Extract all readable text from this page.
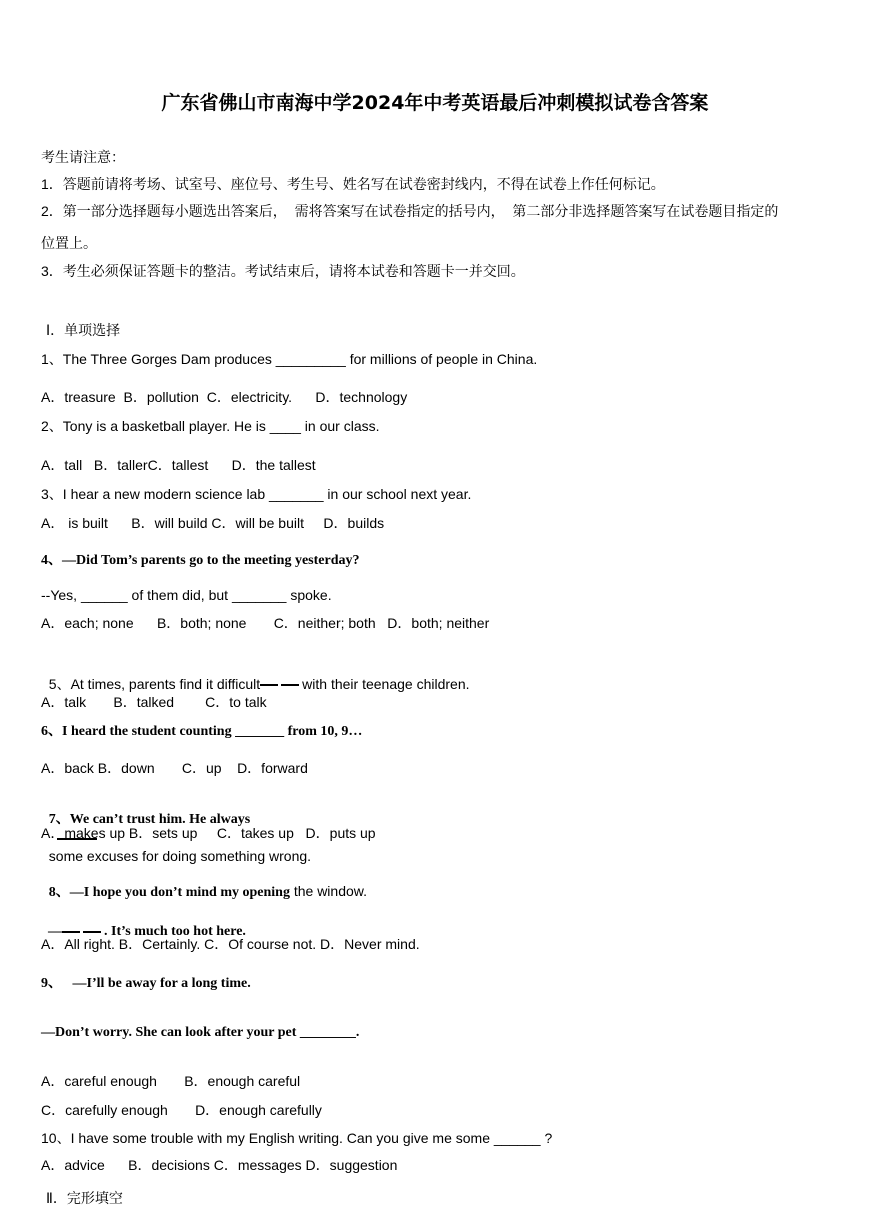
广东省佛山市南海中学2024年中考英语最后冲刺模拟试卷含答案
考生请注意：
1．答题前请将考场、试室号、座位号、考生号、姓名写在试卷密封线内，不得在试卷上作任何标记。
2．第一部分选择题每小题选出答案后，  需将答案写在试卷指定的括号内，  第二部分非选择题答案写在试卷题目指定的
位置上。
3．考生必须保证答题卡的整洁。考试结束后，请将本试卷和答题卡一并交回。
Ⅰ．单项选择
1、The Three Gorges Dam produces _________ for millions of people in China.
A．treasure  B．pollution  C．electricity.      D．technology
2、Tony is a basketball player. He is ____ in our class.
A．tall   B．tallerC．tallest      D．the tallest
3、I hear a new modern science lab _______ in our school next year.
A． is built      B．will build C．will be built     D．builds
4、—Did Tom’s parents go to the meeting yesterday?
--Yes, ______ of them did, but _______ spoke.
A．each; none      B．both; none       C．neither; both   D．both; neither

5、At times, parents find it difficult	with their teenage children.

A．talk       B．talked        C．to talk
6、I heard the student counting _______ from 10, 9…
A．back B．down       C．up    D．forward

7、We can’t trust him. He always

some excuses for doing something wrong.

A．makes up B．sets up     C．takes up   D．puts up

8、—I hope you don’t mind my opening the window.

—	. It’s much too hot here.

A．All right. B．Certainly. C．Of course not. D．Never mind.
9、   —I’ll be away for a long time.
—Don’t worry. She can look after your pet ________.
A．careful enough       B．enough careful
C．carefully enough       D．enough carefully
10、I have some trouble with my English writing. Can you give me some ______ ?
A．advice      B．decisions C．messages D．suggestion
Ⅱ．完形填空
